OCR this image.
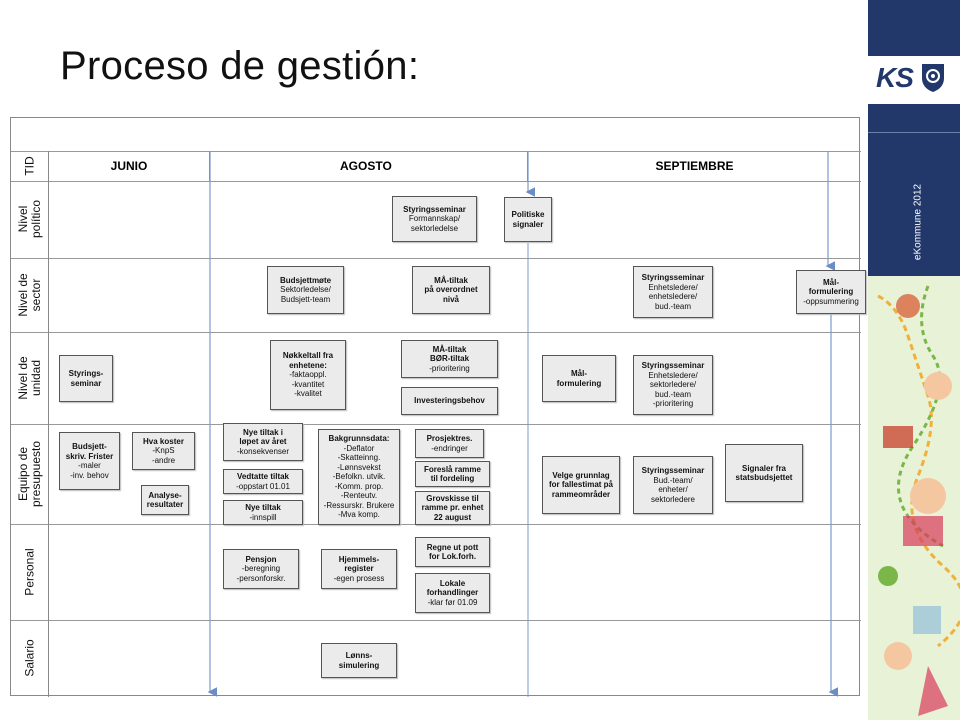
Proceso de gestión:	KS
eKommune 2012
TID
Nivel
político
Nivel de
sector
Nivel de
unidad
Equipo de
presupuesto
Personal
Salario
JUNIO	AGOSTO	SEPTIEMBRE
Styringsseminar
Formannskap/
sektorledelse
Politiske
signaler
Budsjettmøte
Sektorledelse/
Budsjett-team
MÅ-tiltak
på overordnet
nivå
Styringsseminar
Enhetsledere/
enhetsledere/
bud.-team
Mål-
formulering
-oppsummering
Styrings-
seminar
Nøkkeltall fra
enhetene:
-faktaoppl.
-kvantitet
-kvalitet
MÅ-tiltak
BØR-tiltak
-prioritering
Investeringsbehov
Mål-
formulering
Styringsseminar
Enhetsledere/
sektorledere/
bud.-team
-prioritering
Budsjett-
skriv. Frister
-maler
-inv. behov
Hva koster
-KnpS
-andre
Analyse-
resultater
Nye tiltak i
løpet av året
-konsekvenser
Vedtatte tiltak
-oppstart 01.01
Nye tiltak
-innspill
Bakgrunnsdata:
-Deflator
-Skatteinng.
-Lønnsvekst
-Befolkn. utvik.
-Komm. prop.
-Renteutv.
-Ressurskr. Brukere
-Mva komp.
Prosjektres.
-endringer
Foreslå ramme
til fordeling
Grovskisse til
ramme pr. enhet
22 august
Velge grunnlag
for fallestimat på
rammeområder
Styringsseminar
Bud.-team/
enheter/
sektorledere
Signaler fra
statsbudsjettet
Pensjon
-beregning
-personforskr.
Hjemmels-
register
-egen prosess
Regne ut pott
for Lok.forh.
Lokale
forhandlinger
-klar før 01.09
Lønns-
simulering
